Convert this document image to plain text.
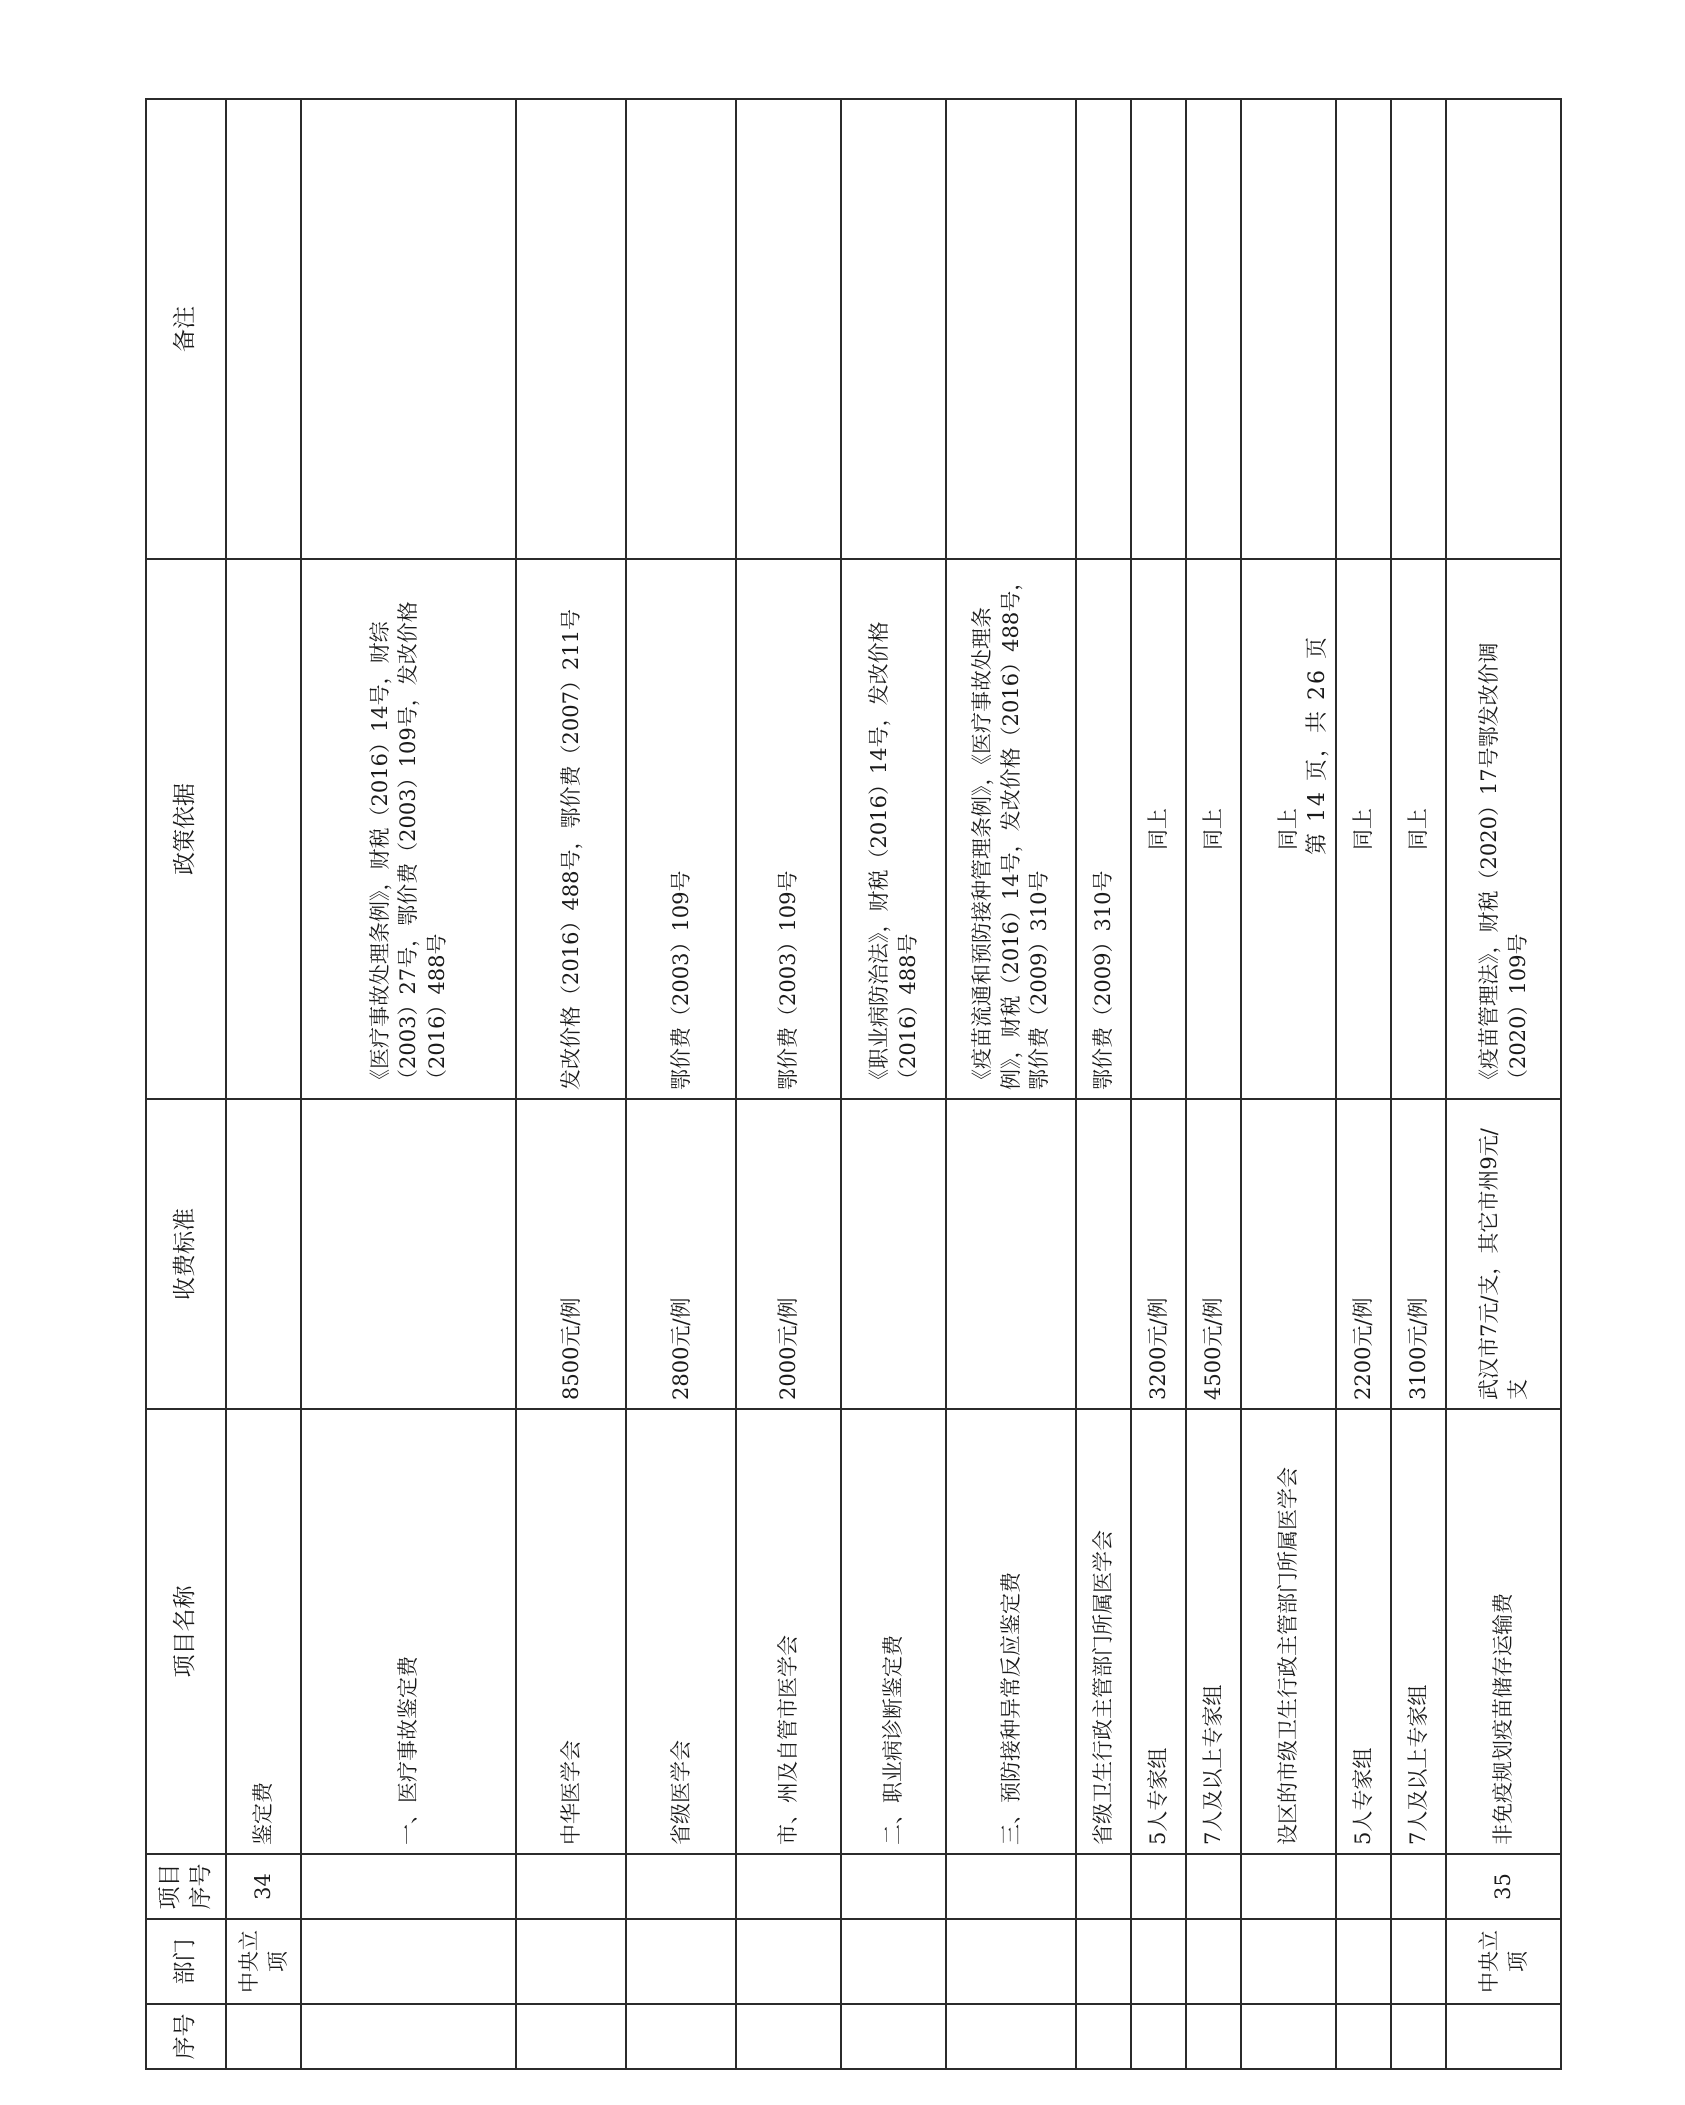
序号	部门	项目序号	项目名称	收费标准	政策依据	备注
	中央立项	34	鉴定费			
			一、医疗事故鉴定费		《医疗事故处理条例》，财税（2016）14号，财综（2003）27号，鄂价费（2003）109号，发改价格（2016）488号	
			中华医学会	8500元/例	发改价格（2016）488号，鄂价费（2007）211号	
			省级医学会	2800元/例	鄂价费（2003）109号	
			市、州及自管市医学会	2000元/例	鄂价费（2003）109号	
			二、职业病诊断鉴定费		《职业病防治法》，财税（2016）14号，发改价格（2016）488号	
			三、预防接种异常反应鉴定费		《疫苗流通和预防接种管理条例》，《医疗事故处理条例》，财税（2016）14号，发改价格（2016）488号，鄂价费（2009）310号	
			省级卫生行政主管部门所属医学会		鄂价费（2009）310号	
			5人专家组	3200元/例	同上	
			7人及以上专家组	4500元/例	同上	
			设区的市级卫生行政主管部门所属医学会		同上	
			5人专家组	2200元/例	同上	
			7人及以上专家组	3100元/例	同上	
	中央立项	35	非免疫规划疫苗储存运输费	武汉市7元/支，其它市州9元/支	《疫苗管理法》，财税（2020）17号鄂发改价调（2020）109号	
第 14 页，共 26 页
